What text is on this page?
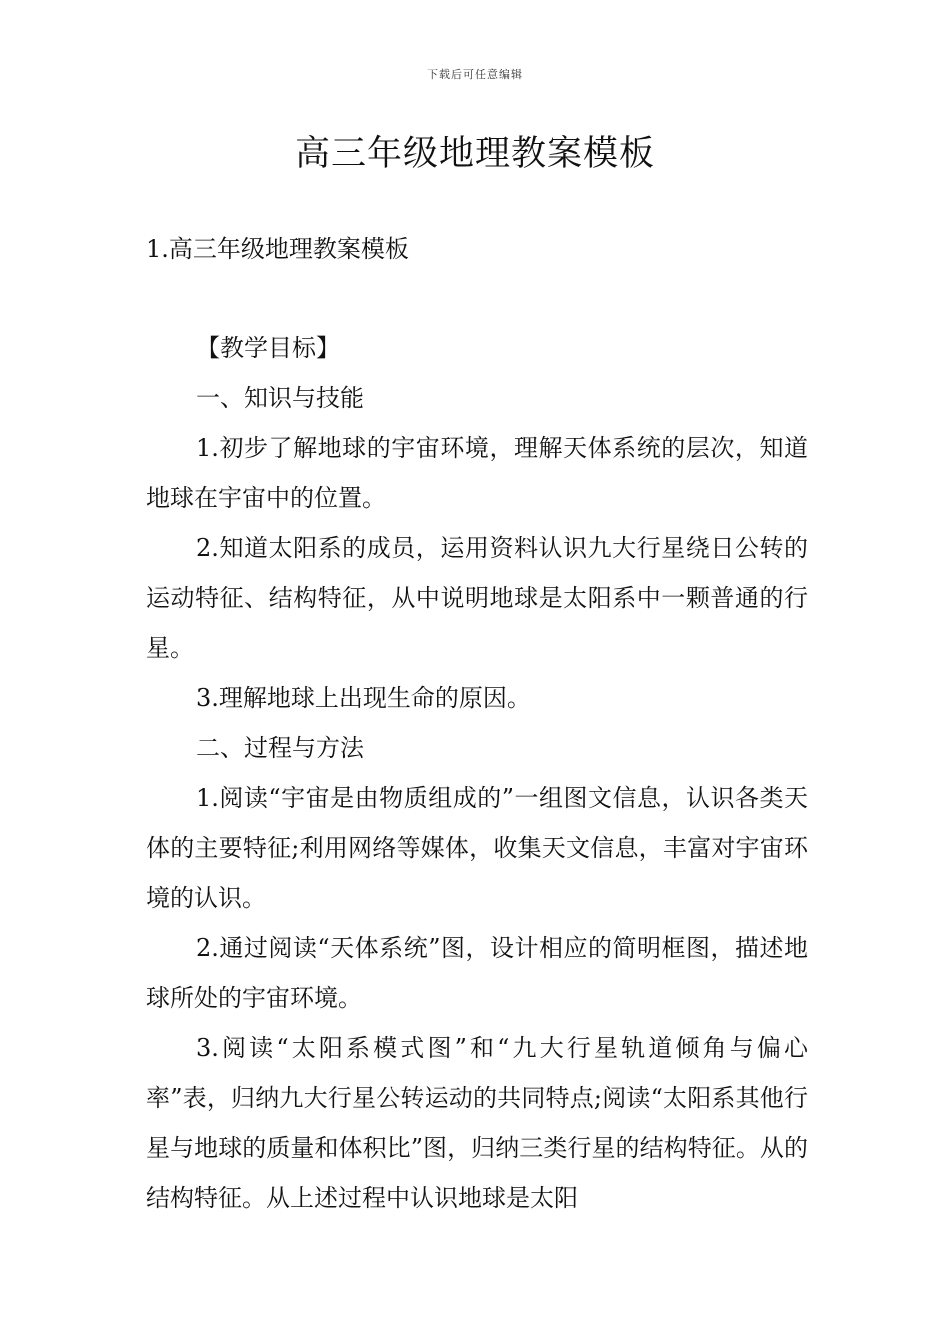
下载后可任意编辑
高三年级地理教案模板

1.高三年级地理教案模板

【教学目标】

一、知识与技能

1.初步了解地球的宇宙环境，理解天体系统的层次，知道地球在宇宙中的位置。

2.知道太阳系的成员，运用资料认识九大行星绕日公转的运动特征、结构特征，从中说明地球是太阳系中一颗普通的行星。

3.理解地球上出现生命的原因。

二、过程与方法

1.阅读“宇宙是由物质组成的”一组图文信息，认识各类天体的主要特征;利用网络等媒体，收集天文信息，丰富对宇宙环境的认识。

2.通过阅读“天体系统”图，设计相应的简明框图，描述地球所处的宇宙环境。

3.阅读“太阳系模式图”和“九大行星轨道倾角与偏心率”表，归纳九大行星公转运动的共同特点;阅读“太阳系其他行星与地球的质量和体积比”图，归纳三类行星的结构特征。从的结构特征。从上述过程中认识地球是太阳
